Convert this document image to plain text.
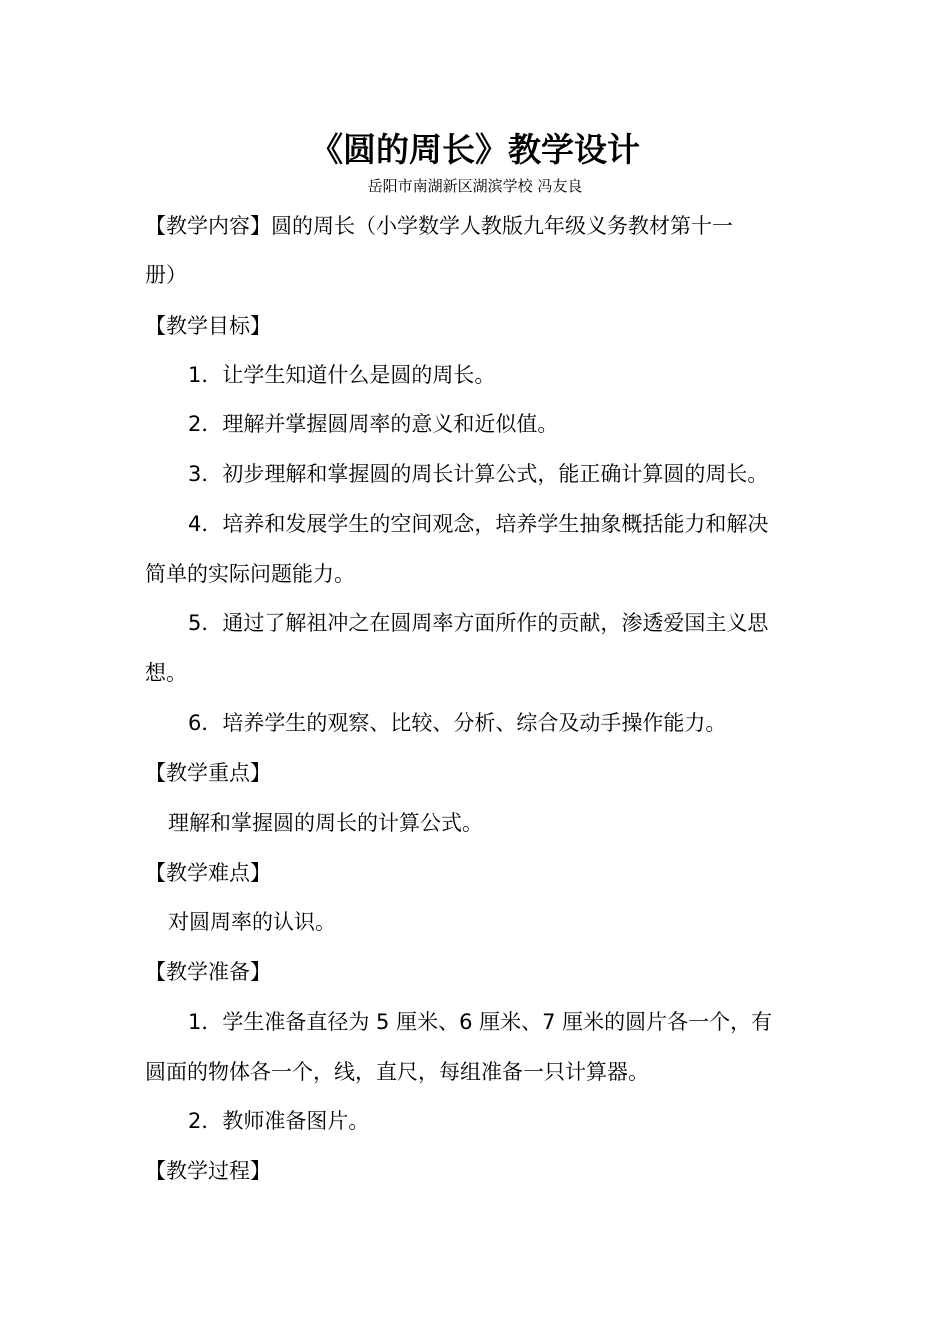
《圆的周长》教学设计
岳阳市南湖新区湖滨学校 冯友良
【教学内容】圆的周长（小学数学人教版九年级义务教材第十一
册）
【教学目标】
1．让学生知道什么是圆的周长。
2．理解并掌握圆周率的意义和近似值。
3．初步理解和掌握圆的周长计算公式，能正确计算圆的周长。
4．培养和发展学生的空间观念，培养学生抽象概括能力和解决
简单的实际问题能力。
5．通过了解祖冲之在圆周率方面所作的贡献，渗透爱国主义思
想。
6．培养学生的观察、比较、分析、综合及动手操作能力。
【教学重点】
理解和掌握圆的周长的计算公式。
【教学难点】
对圆周率的认识。
【教学准备】
1．学生准备直径为 5 厘米、6 厘米、7 厘米的圆片各一个，有
圆面的物体各一个，线，直尺，每组准备一只计算器。
2．教师准备图片。
【教学过程】
